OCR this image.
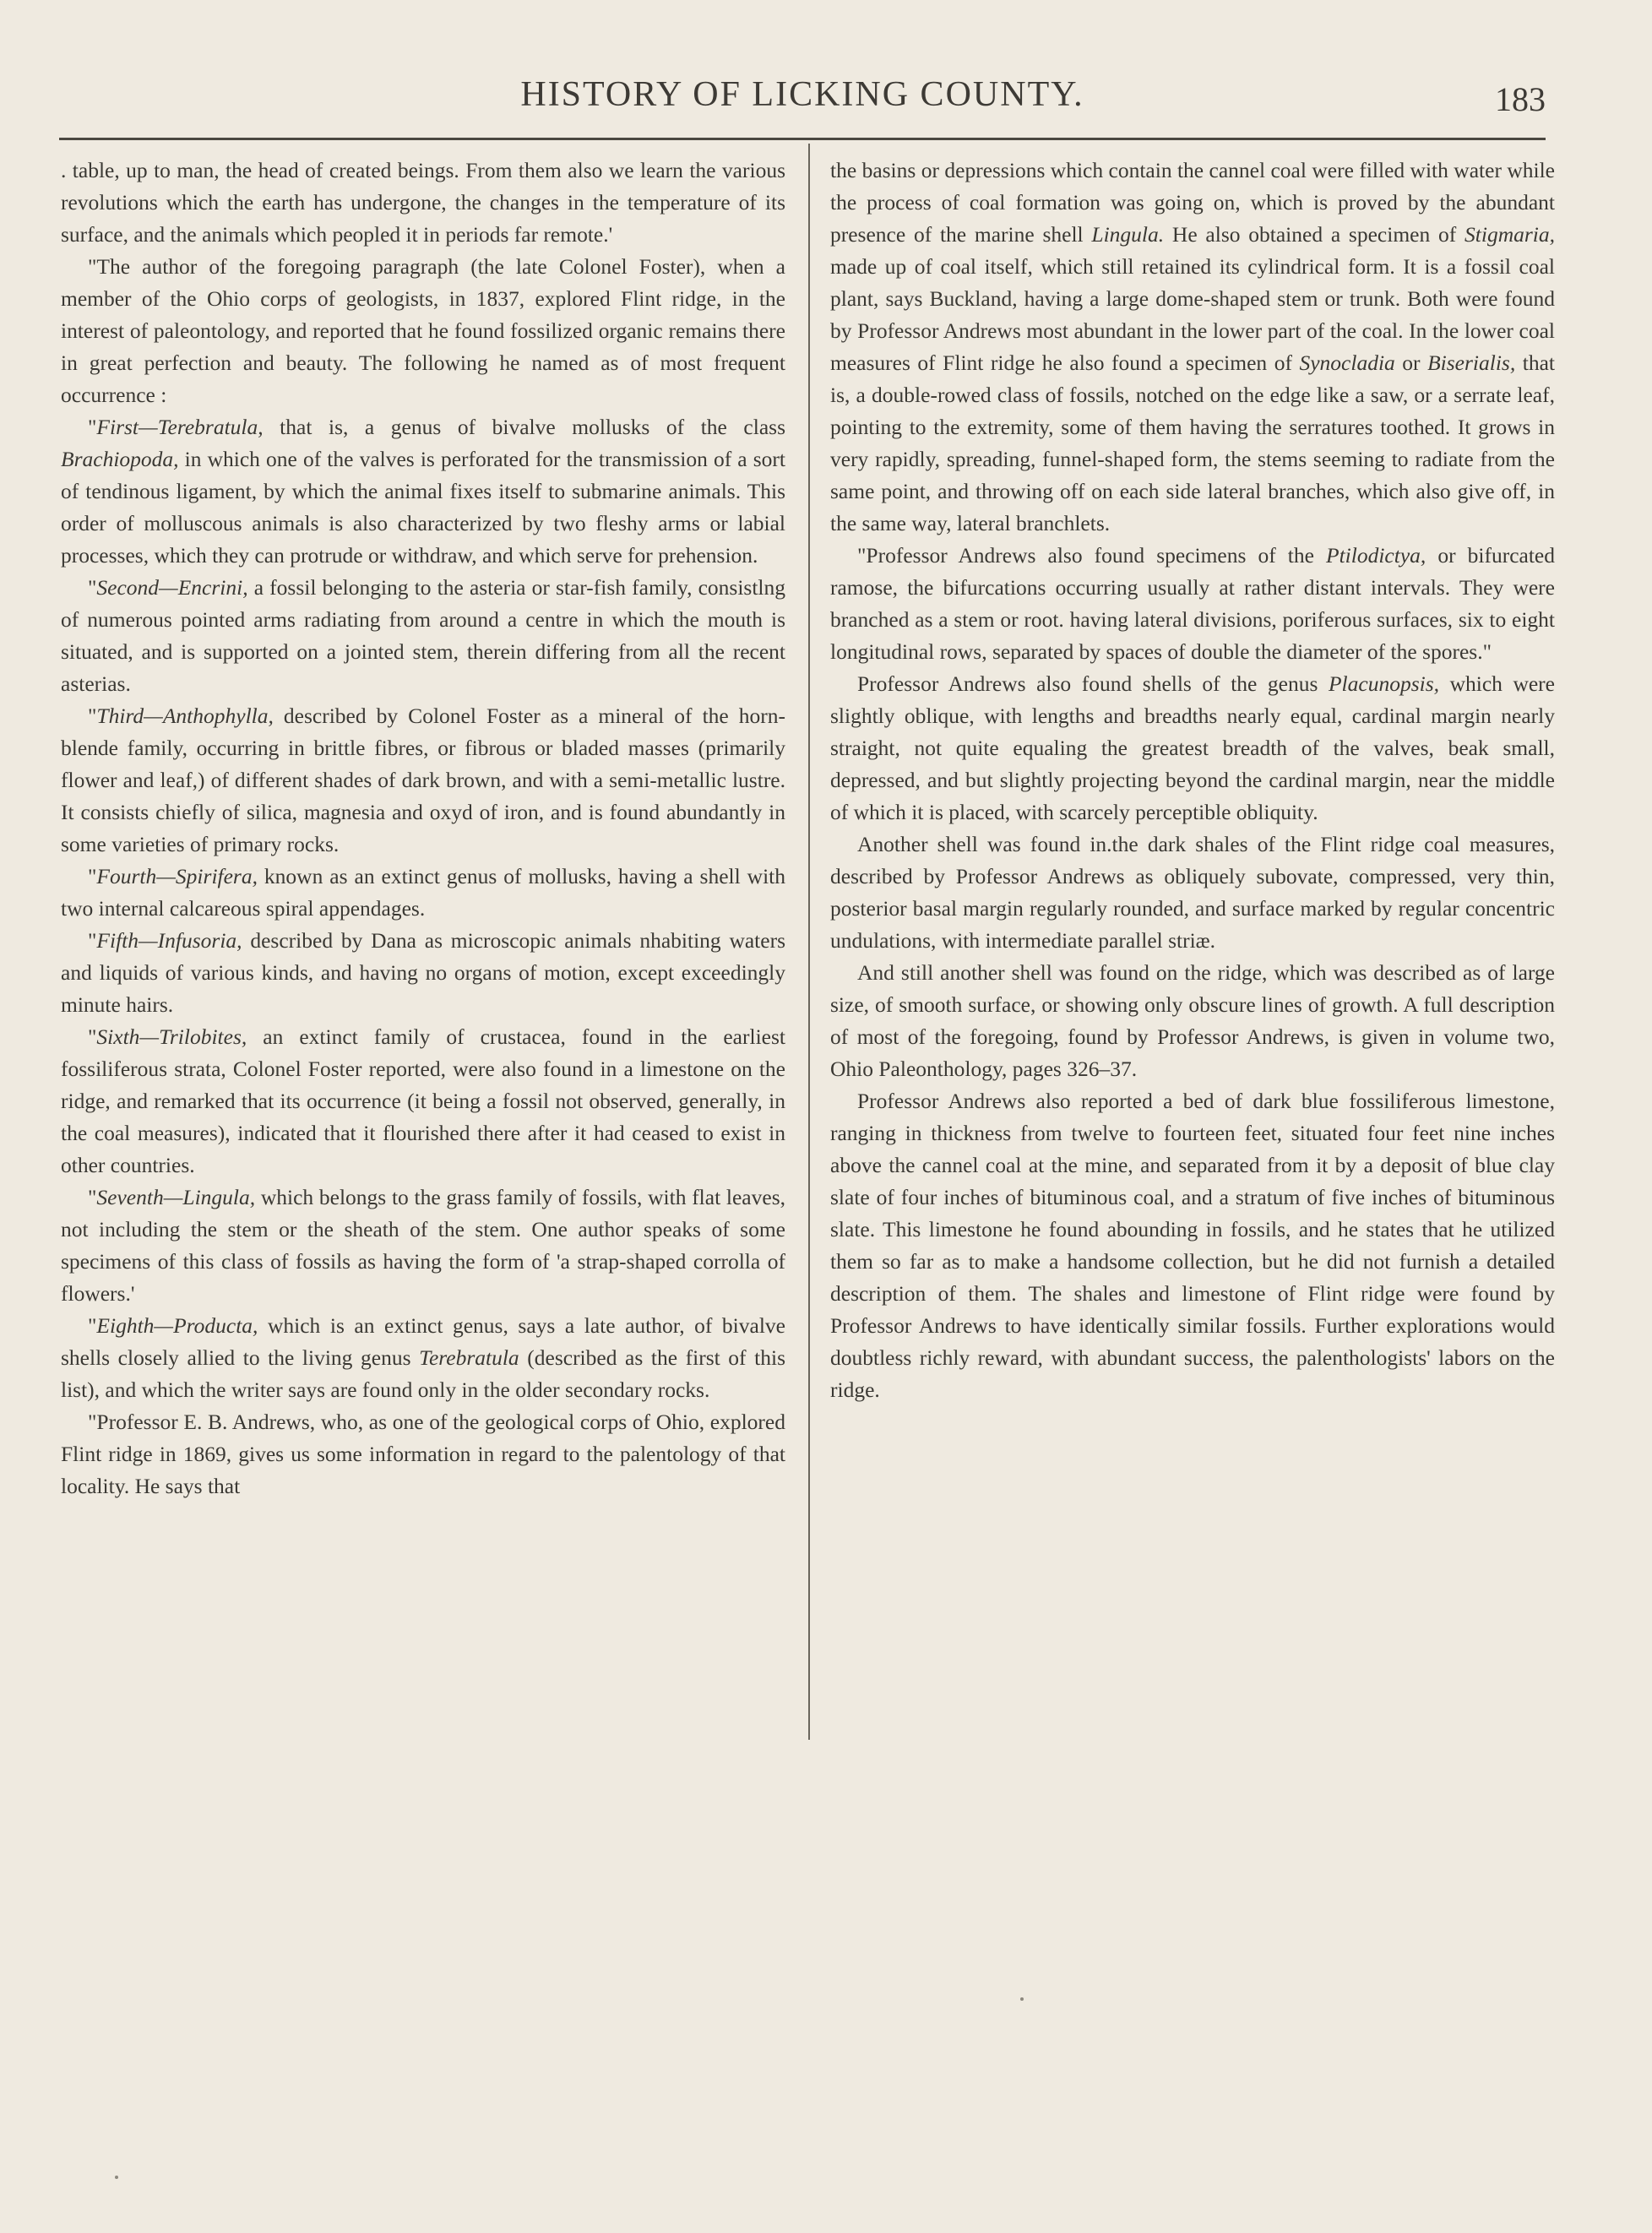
HISTORY OF LICKING COUNTY.	183

. table, up to man, the head of created beings. From them also we learn the various revolutions which the earth has undergone, the changes in the temperature of its surface, and the animals which peopled it in periods far remote.'

"The author of the foregoing paragraph (the late Colonel Foster), when a member of the Ohio corps of geologists, in 1837, explored Flint ridge, in the interest of paleontology, and reported that he found fossilized organic remains there in great perfection and beauty. The following he named as of most frequent occurrence :

"First—Terebratula, that is, a genus of bivalve mollusks of the class Brachiopoda, in which one of the valves is perforated for the transmission of a sort of tendinous ligament, by which the animal fixes itself to submarine animals. This order of molluscous animals is also characterized by two fleshy arms or labial processes, which they can protrude or withdraw, and which serve for prehension.

"Second—Encrini, a fossil belonging to the asteria or star-fish family, consistlng of numerous pointed arms radiating from around a centre in which the mouth is situated, and is supported on a jointed stem, therein differing from all the recent asterias.

"Third—Anthophylla, described by Colonel Foster as a mineral of the horn-blende family, occurring in brittle fibres, or fibrous or bladed masses (primarily flower and leaf,) of different shades of dark brown, and with a semi-metallic lustre. It consists chiefly of silica, magnesia and oxyd of iron, and is found abundantly in some varieties of primary rocks.

"Fourth—Spirifera, known as an extinct genus of mollusks, having a shell with two internal calcareous spiral appendages.

"Fifth—Infusoria, described by Dana as microscopic animals nhabiting waters and liquids of various kinds, and having no organs of motion, except exceedingly minute hairs.

"Sixth—Trilobites, an extinct family of crustacea, found in the earliest fossiliferous strata, Colonel Foster reported, were also found in a limestone on the ridge, and remarked that its occurrence (it being a fossil not observed, generally, in the coal measures), indicated that it flourished there after it had ceased to exist in other countries.

"Seventh—Lingula, which belongs to the grass family of fossils, with flat leaves, not including the stem or the sheath of the stem. One author speaks of some specimens of this class of fossils as having the form of 'a strap-shaped corrolla of flowers.'

"Eighth—Producta, which is an extinct genus, says a late author, of bivalve shells closely allied to the living genus Terebratula (described as the first of this list), and which the writer says are found only in the older secondary rocks.

"Professor E. B. Andrews, who, as one of the geological corps of Ohio, explored Flint ridge in 1869, gives us some information in regard to the palentology of that locality. He says that

the basins or depressions which contain the cannel coal were filled with water while the process of coal formation was going on, which is proved by the abundant presence of the marine shell Lingula. He also obtained a specimen of Stigmaria, made up of coal itself, which still retained its cylindrical form. It is a fossil coal plant, says Buckland, having a large dome-shaped stem or trunk. Both were found by Professor Andrews most abundant in the lower part of the coal. In the lower coal measures of Flint ridge he also found a specimen of Synocladia or Biserialis, that is, a double-rowed class of fossils, notched on the edge like a saw, or a serrate leaf, pointing to the extremity, some of them having the serratures toothed. It grows in very rapidly, spreading, funnel-shaped form, the stems seeming to radiate from the same point, and throwing off on each side lateral branches, which also give off, in the same way, lateral branchlets.

"Professor Andrews also found specimens of the Ptilodictya, or bifurcated ramose, the bifurcations occurring usually at rather distant intervals. They were branched as a stem or root. having lateral divisions, poriferous surfaces, six to eight longitudinal rows, separated by spaces of double the diameter of the spores."

Professor Andrews also found shells of the genus Placunopsis, which were slightly oblique, with lengths and breadths nearly equal, cardinal margin nearly straight, not quite equaling the greatest breadth of the valves, beak small, depressed, and but slightly projecting beyond the cardinal margin, near the middle of which it is placed, with scarcely perceptible obliquity.

Another shell was found in.the dark shales of the Flint ridge coal measures, described by Professor Andrews as obliquely subovate, compressed, very thin, posterior basal margin regularly rounded, and surface marked by regular concentric undulations, with intermediate parallel striæ.

And still another shell was found on the ridge, which was described as of large size, of smooth surface, or showing only obscure lines of growth. A full description of most of the foregoing, found by Professor Andrews, is given in volume two, Ohio Paleonthology, pages 326–37.

Professor Andrews also reported a bed of dark blue fossiliferous limestone, ranging in thickness from twelve to fourteen feet, situated four feet nine inches above the cannel coal at the mine, and separated from it by a deposit of blue clay slate of four inches of bituminous coal, and a stratum of five inches of bituminous slate. This limestone he found abounding in fossils, and he states that he utilized them so far as to make a handsome collection, but he did not furnish a detailed description of them. The shales and limestone of Flint ridge were found by Professor Andrews to have identically similar fossils. Further explorations would doubtless richly reward, with abundant success, the palenthologists' labors on the ridge.
